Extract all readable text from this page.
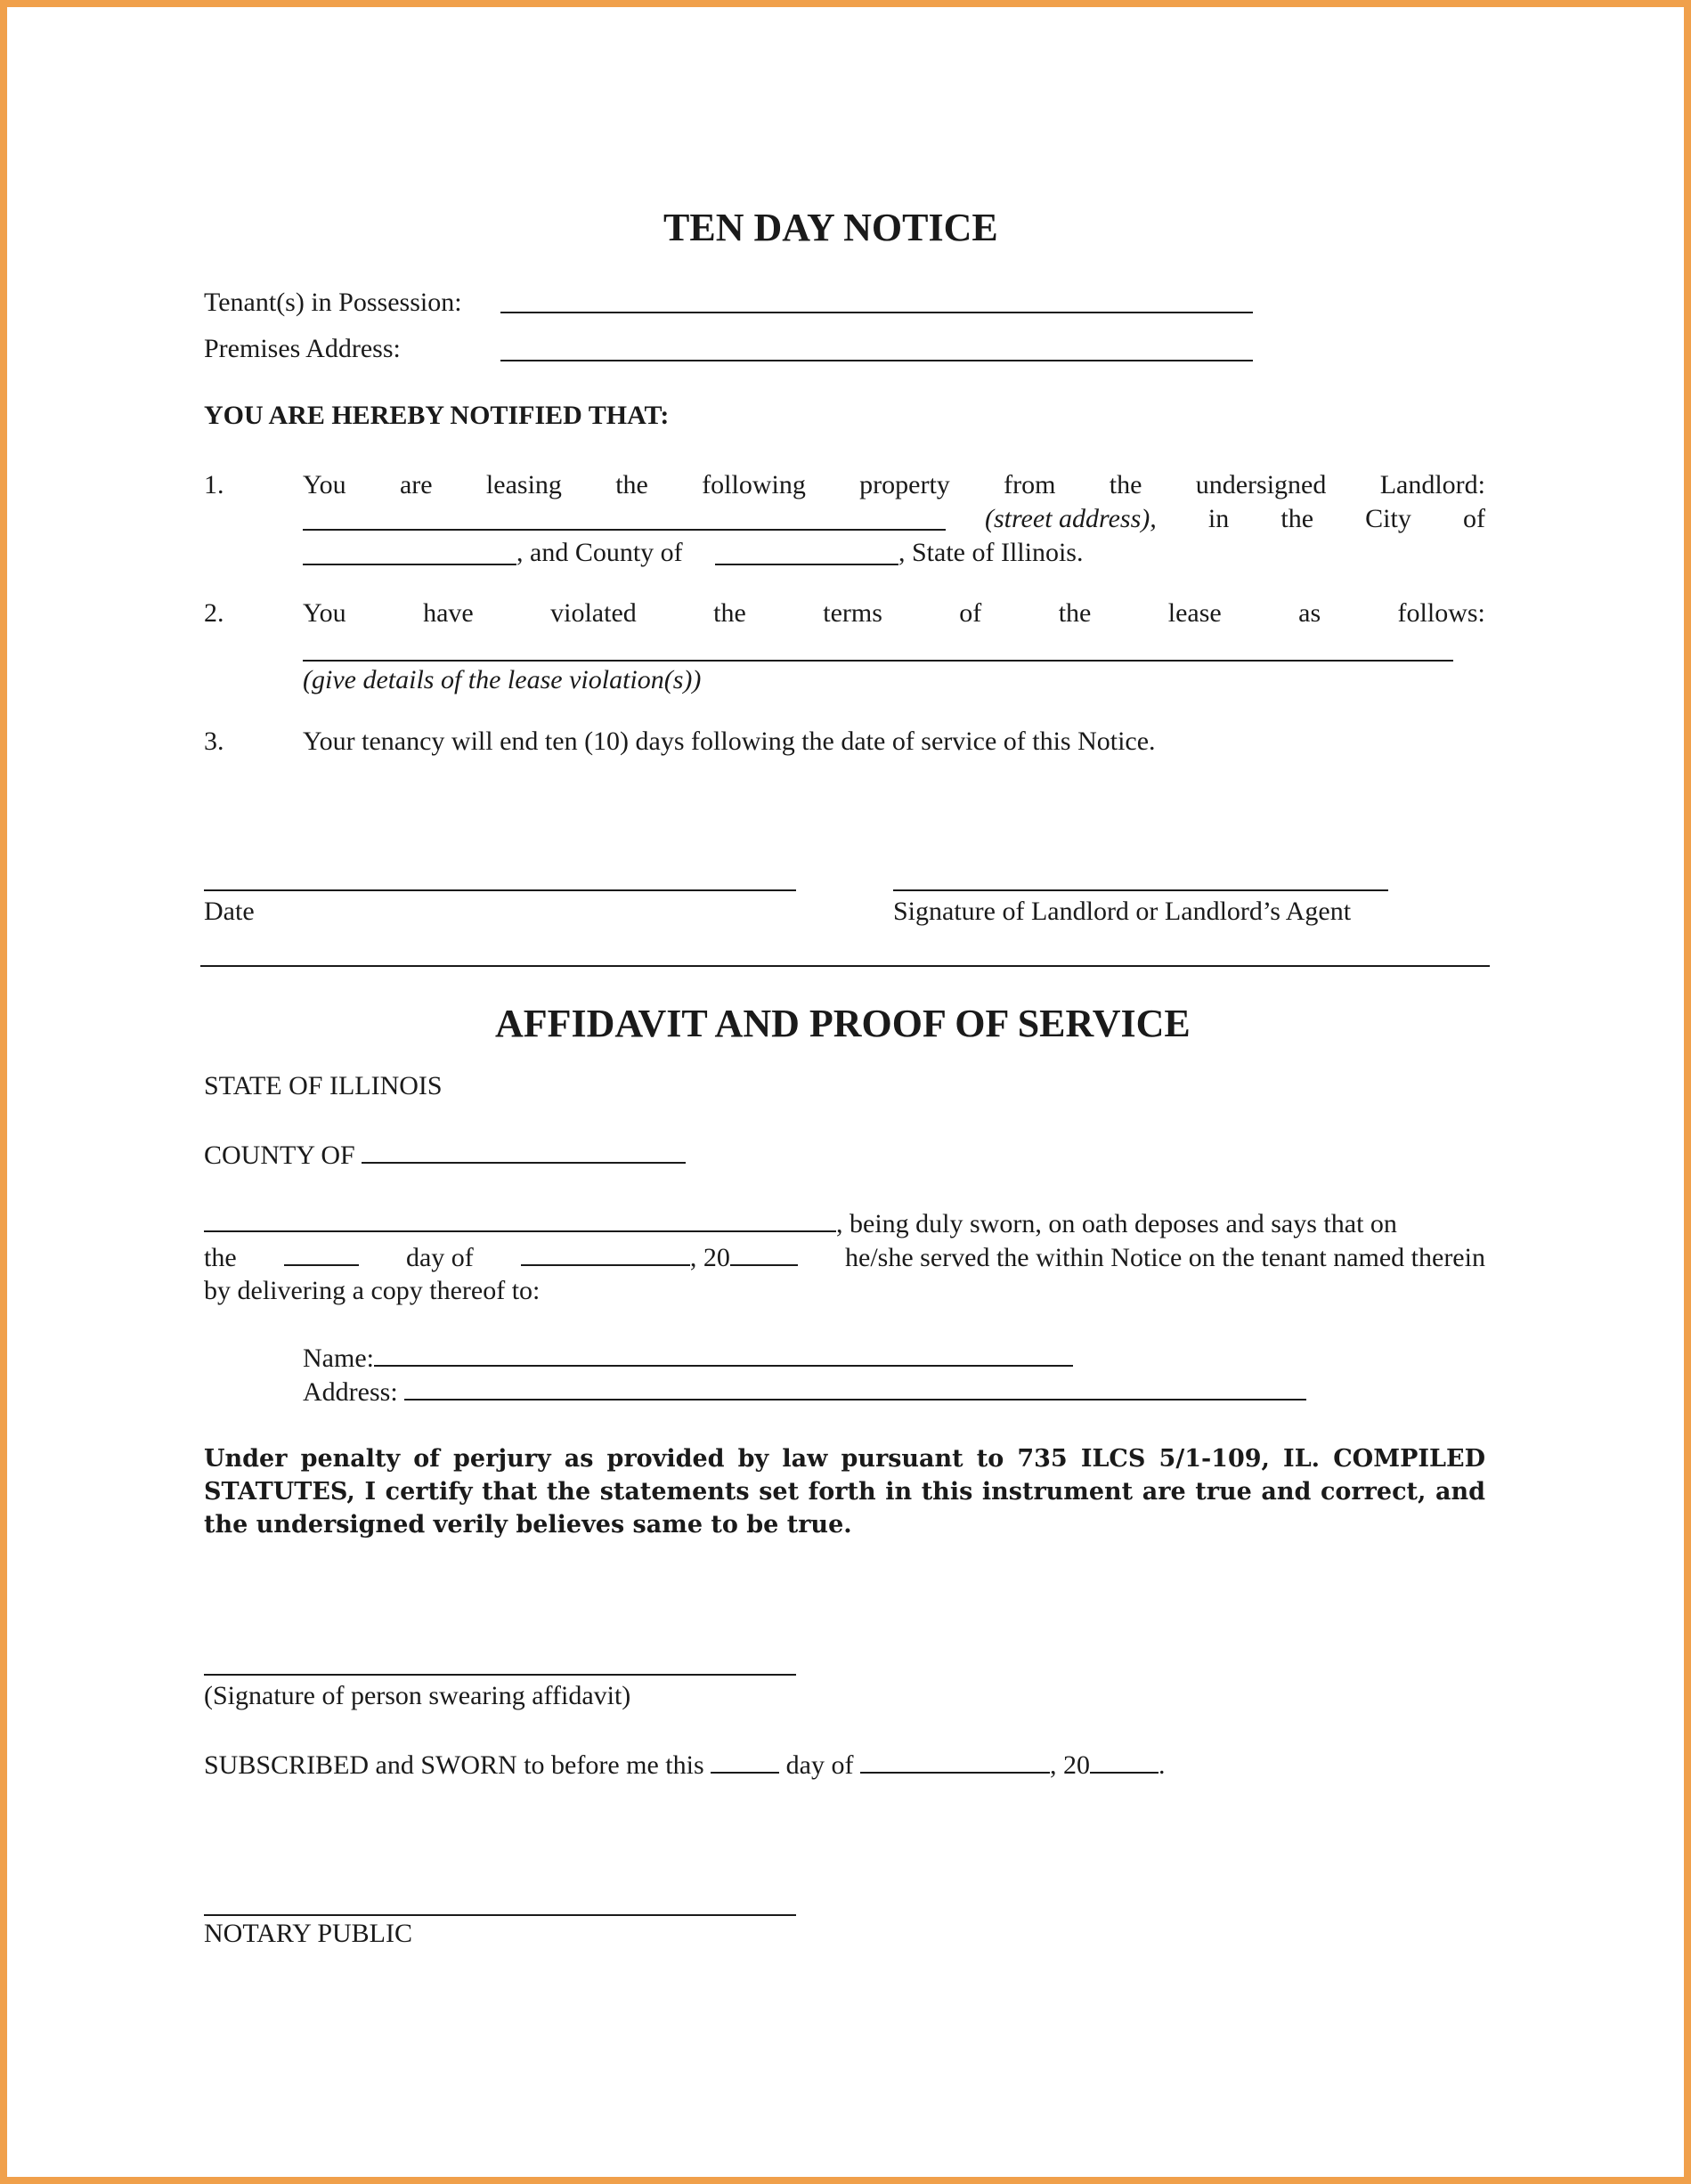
TEN DAY NOTICE
Tenant(s) in Possession:
Premises Address:
YOU ARE HEREBY NOTIFIED THAT:
1.	You are leasing the following property from the undersigned Landlord:
(street address), in the City of
, and County of	, State of Illinois.
2.	You	have	violated	the	terms	of	the	lease	as	follows:
(give details of the lease violation(s))
3.	Your tenancy will end ten (10) days following the date of service of this Notice.
Date	Signature of Landlord or Landlord’s Agent
AFFIDAVIT AND PROOF OF SERVICE
STATE OF ILLINOIS
COUNTY OF
, being duly sworn, on oath deposes and says that on
the	day of	, 20	he/she served the within Notice on the tenant named therein
by delivering a copy thereof to:
Name:
Address:
Under penalty of perjury as provided by law pursuant to 735 ILCS 5/1-109, IL. COMPILED STATUTES, I certify that the statements set forth in this instrument are true and correct, and the undersigned verily believes same to be true.
(Signature of person swearing affidavit)
SUBSCRIBED and SWORN to before me this	day of	, 20	.
NOTARY PUBLIC
